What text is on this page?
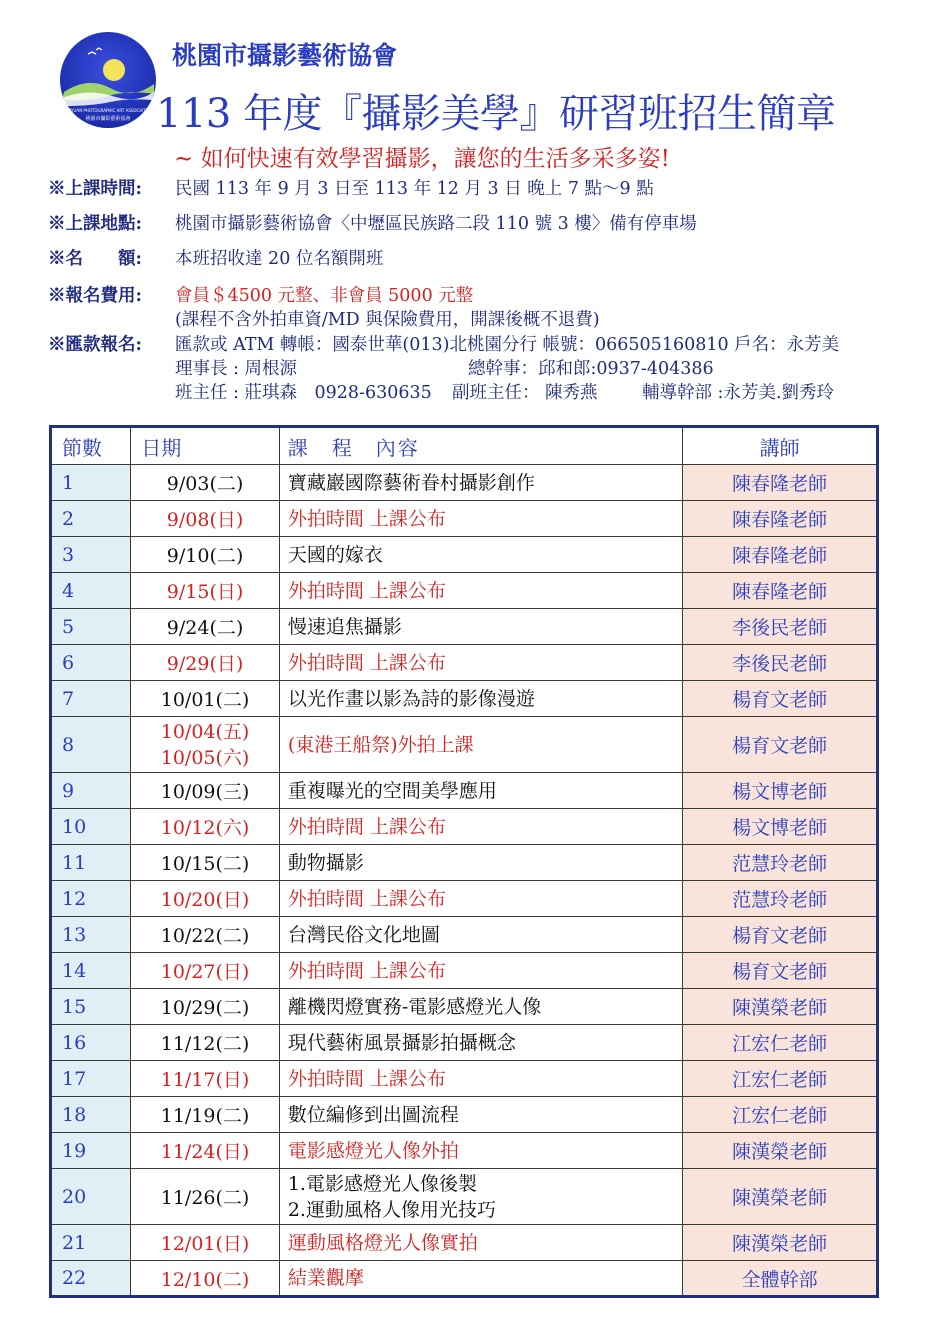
TAOYUAN PHOTOGRAPHIC ART ASSOCIATION
桃園市攝影藝術協會
桃園市攝影藝術協會
113 年度『攝影美學』研習班招生簡章
~ 如何快速有效學習攝影，讓您的生活多采多姿!
※上課時間: 民國 113 年 9 月 3 日至 113 年 12 月 3 日 晚上 7 點～9 點
※上課地點: 桃園市攝影藝術協會〈中壢區民族路二段 110 號 3 樓〉備有停車場
※名　　額: 本班招收達 20 位名額開班
※報名費用: 會員＄4500 元整、非會員 5000 元整
(課程不含外拍車資/MD 與保險費用，開課後概不退費)
※匯款報名: 匯款或 ATM 轉帳：國泰世華(013)北桃園分行 帳號：066505160810 戶名：永芳美
理事長 : 周根源	總幹事：邱和郎:0937-404386
班主任 : 莊琪森　0928-630635 副班主任： 陳秀燕	輔導幹部 :永芳美.劉秀玲
節數	日期	課　程　內容	講師
1	9/03(二)	寶藏巖國際藝術眷村攝影創作	陳春隆老師
2	9/08(日)	外拍時間 上課公布	陳春隆老師
3	9/10(二)	天國的嫁衣	陳春隆老師
4	9/15(日)	外拍時間 上課公布	陳春隆老師
5	9/24(二)	慢速追焦攝影	李後民老師
6	9/29(日)	外拍時間 上課公布	李後民老師
7	10/01(二)	以光作畫以影為詩的影像漫遊	楊育文老師
8	10/04(五)
10/05(六)	(東港王船祭)外拍上課	楊育文老師
9	10/09(三)	重複曝光的空間美學應用	楊文博老師
10	10/12(六)	外拍時間 上課公布	楊文博老師
11	10/15(二)	動物攝影	范慧玲老師
12	10/20(日)	外拍時間 上課公布	范慧玲老師
13	10/22(二)	台灣民俗文化地圖	楊育文老師
14	10/27(日)	外拍時間 上課公布	楊育文老師
15	10/29(二)	離機閃燈實務-電影感燈光人像	陳漢榮老師
16	11/12(二)	現代藝術風景攝影拍攝概念	江宏仁老師
17	11/17(日)	外拍時間 上課公布	江宏仁老師
18	11/19(二)	數位編修到出圖流程	江宏仁老師
19	11/24(日)	電影感燈光人像外拍	陳漢榮老師
20	11/26(二)	1.電影感燈光人像後製
2.運動風格人像用光技巧	陳漢榮老師
21	12/01(日)	運動風格燈光人像實拍	陳漢榮老師
22	12/10(二)	結業觀摩	全體幹部
